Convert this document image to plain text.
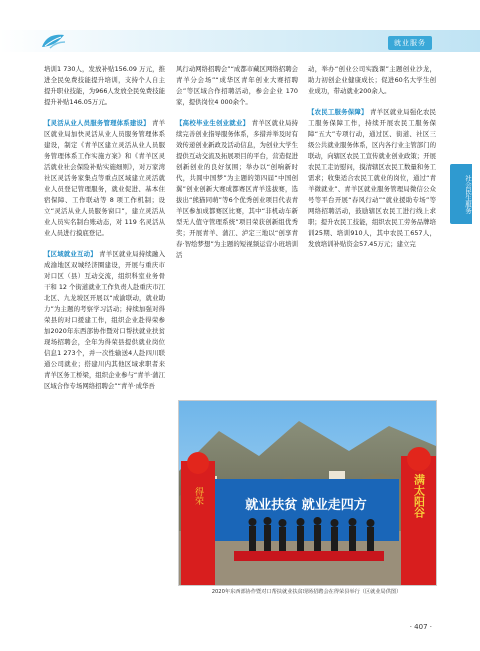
就业服务

培训1 730人，发放补贴156.09 万元，推进全民免费技能提升培训，支持个人自主提升职业技能，为966人发放全民免费技能提升补贴146.05万元。

【灵活从业人员服务管理体系建设】 青羊区就业局加快灵活从业人员服务管理体系建设，制定《青羊区建立灵活从业人员服务管理体系工作实施方案》和《青羊区灵活就业社会保险补贴实施细则》，对万家湾社区灵活务家集点等重点区域建立灵活就业人员登记管理服务，就业促进、基本住宿保障、工作联动等 8 项工作机制；设立“灵活从业人员服务窗口”，建立灵活从业人员实名制台账动态，对 119 名灵活从业人员进行摸底登记。

【区域就业互动】 青羊区就业局持续融入成渝地区双城经济圈建设，开展与重庆市对口区（县）互动交流，组织科室业务骨干和 12 个街道就业工作负责人赴重庆市江北区、九龙坡区开展以“成渝联动，就业助力”为主题的考察学习活动；持续加强对得荣县的对口援建工作，组织企业赴得荣参加2020年东西部协作暨对口帮扶就业扶贫现场招聘会，全年为得荣县提供就业岗位信息1 273个，并一次性输送4人赴四川联通公司就业；搭建川内其他区域求职者来青羊区务工桥梁，组织企业参与“青羊·蒲江区域合作专场网络招聘会”“青羊·成华吾

风行动网络招聘会”“成都市藏区网络招聘会青羊分会场”“成华区青年创业大赛招聘会”等区域合作招聘活动，参会企业 170 家，提供岗位4 000余个。

【高校毕业生创业就业】 青羊区就业局持续完善创业指导服务体系，多措并举及时有效传递创业新政及活动信息，为创业大学生提供互动交流及拓展项目的平台，营造促进创新创业的良好氛围；举办以“创响新时代，共圆中国梦”为主题的第四届“中国创翼”创业创新大赛成都赛区青羊选拔赛，选拔出“熊猫同萌”等6个优秀创业项目代表青羊区参加成都赛区比赛，其中“非机动车新型无人值守管理系统”项目荣获创新组优秀奖；开展青羊、蒲江、泸定三地以“创享青春·智绘梦想”为主题的短视频运营小班培训活

动，举办“创业公司实践课”主题创业沙龙，助力初创企业健康成长；促进60名大学生创业成功，带动就业200余人。

【农民工服务保障】 青羊区就业局强化农民工服务保障工作，持续开展农民工服务保障“五大”专项行动，通过区、街道、社区三级公共就业服务体系，区内各行业主管部门的联动，向辖区农民工宣传就业创业政策；开展农民工走访慰问，摸清辖区农民工数量和务工需求；收集适合农民工就业的岗位，通过“青羊微就业”、青羊区就业服务管理局微信公众号等平台开展“春风行动”“就业援助专场”等网络招聘活动，鼓励辖区农民工进行线上求职；提升农民工技能，组织农民工劳务品牌培训25期、培训910人，其中农民工657人，发放培训补贴资金57.45万元；建立完

社会民生服务
就业扶贫 就业走四方	满太阳谷
得荣
2020年东西部协作暨对口帮扶就业扶贫现场招聘会在得荣县举行（区就业局供图）
· 407 ·
